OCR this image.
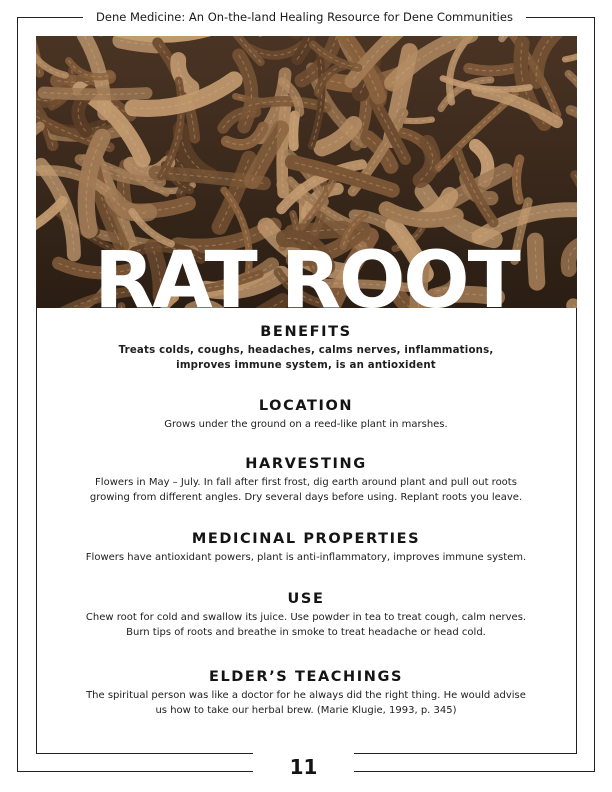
Dene Medicine: An On-the-land Healing Resource for Dene Communities
RAT ROOT
BENEFITS

Treats colds, coughs, headaches, calms nerves, inflammations,
improves immune system, is an antioxident

LOCATION

Grows under the ground on a reed-like plant in marshes.

HARVESTING

Flowers in May – July. In fall after first frost, dig earth around plant and pull out roots
growing from different angles. Dry several days before using. Replant roots you leave.

MEDICINAL PROPERTIES

Flowers have antioxidant powers, plant is anti-inflammatory, improves immune system.

USE

Chew root for cold and swallow its juice. Use powder in tea to treat cough, calm nerves.
Burn tips of roots and breathe in smoke to treat headache or head cold.

ELDER’S TEACHINGS

The spiritual person was like a doctor for he always did the right thing. He would advise
us how to take our herbal brew. (Marie Klugie, 1993, p. 345)

11
